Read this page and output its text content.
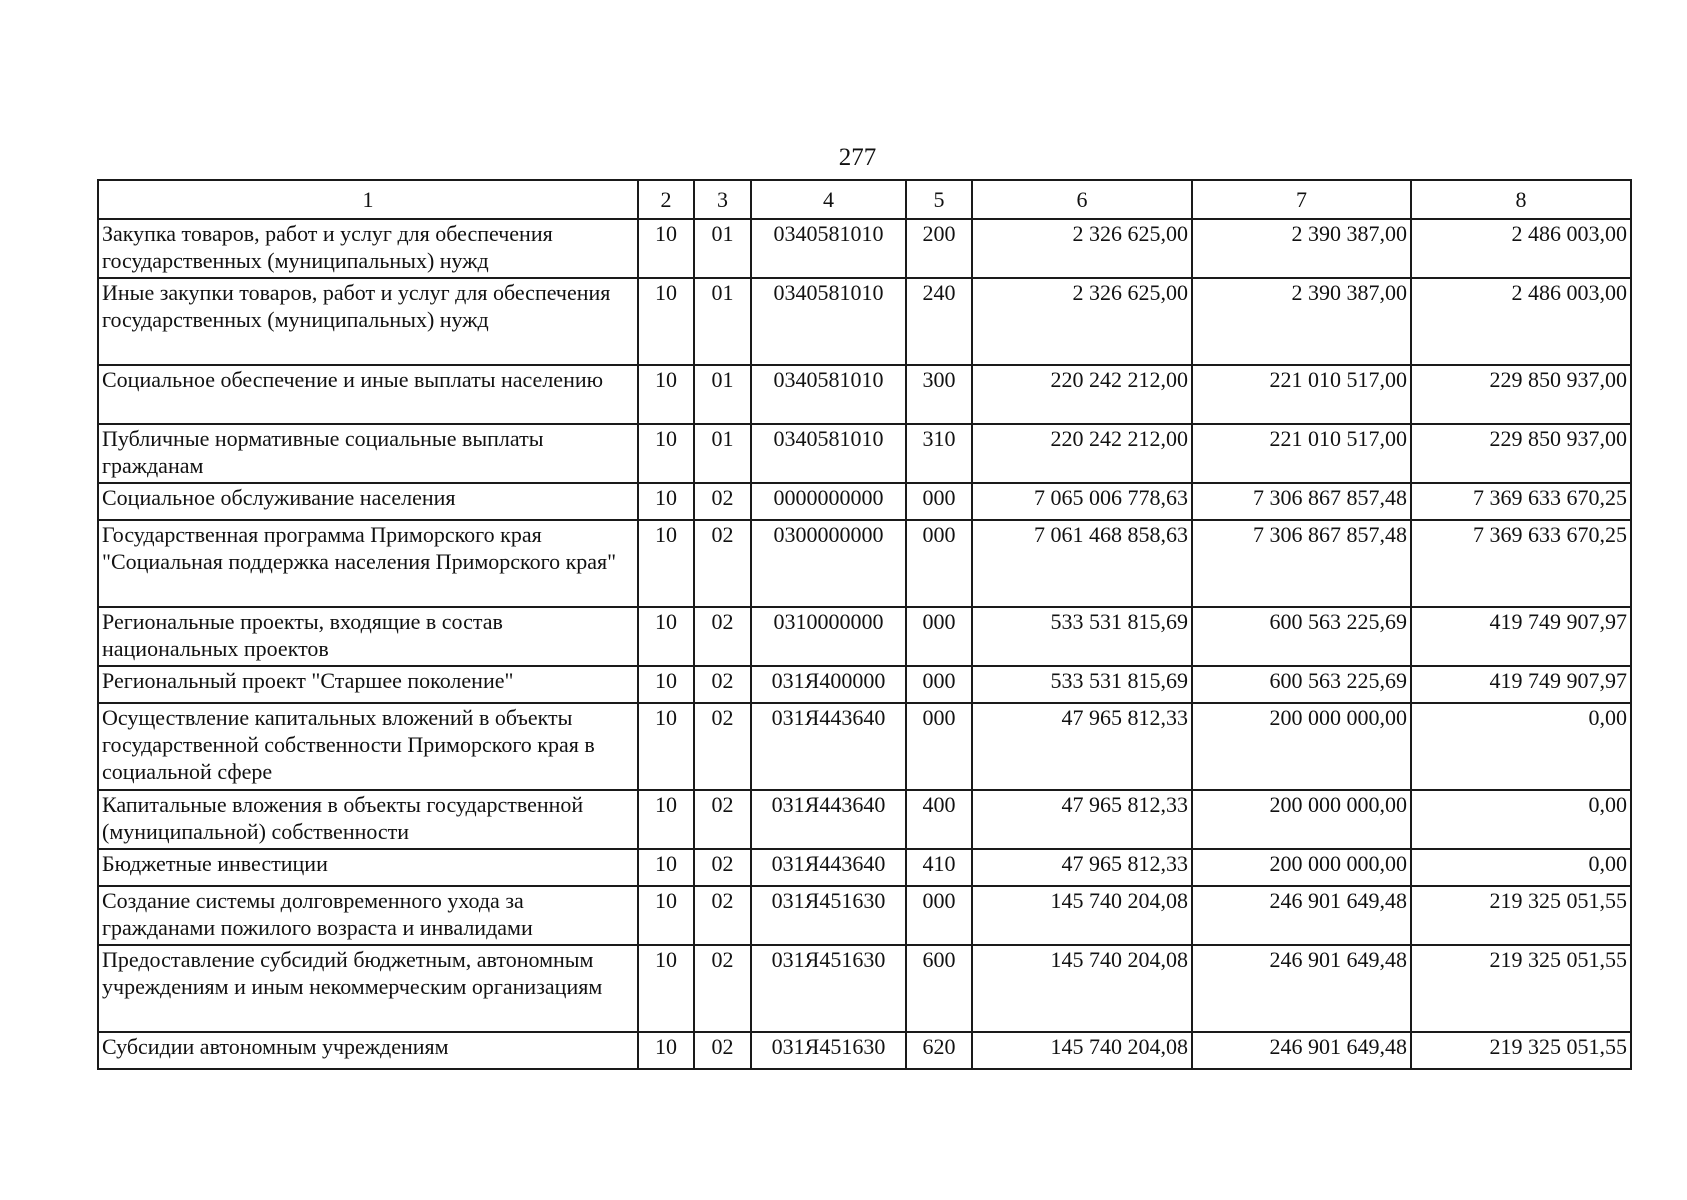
277
1	2	3	4	5	6	7	8
Закупка товаров, работ и услуг для обеспечения государственных (муниципальных) нужд	10	01	0340581010	200	2 326 625,00	2 390 387,00	2 486 003,00
Иные закупки товаров, работ и услуг для обеспечения государственных (муниципальных) нужд	10	01	0340581010	240	2 326 625,00	2 390 387,00	2 486 003,00
Социальное обеспечение и иные выплаты населению	10	01	0340581010	300	220 242 212,00	221 010 517,00	229 850 937,00
Публичные нормативные социальные выплаты гражданам	10	01	0340581010	310	220 242 212,00	221 010 517,00	229 850 937,00
Социальное обслуживание населения	10	02	0000000000	000	7 065 006 778,63	7 306 867 857,48	7 369 633 670,25
Государственная программа Приморского края "Социальная поддержка населения Приморского края"	10	02	0300000000	000	7 061 468 858,63	7 306 867 857,48	7 369 633 670,25
Региональные проекты, входящие в состав национальных проектов	10	02	0310000000	000	533 531 815,69	600 563 225,69	419 749 907,97
Региональный проект "Старшее поколение"	10	02	031Я400000	000	533 531 815,69	600 563 225,69	419 749 907,97
Осуществление капитальных вложений в объекты государственной собственности Приморского края в социальной сфере	10	02	031Я443640	000	47 965 812,33	200 000 000,00	0,00
Капитальные вложения в объекты государственной (муниципальной) собственности	10	02	031Я443640	400	47 965 812,33	200 000 000,00	0,00
Бюджетные инвестиции	10	02	031Я443640	410	47 965 812,33	200 000 000,00	0,00
Создание системы долговременного ухода за гражданами пожилого возраста и инвалидами	10	02	031Я451630	000	145 740 204,08	246 901 649,48	219 325 051,55
Предоставление субсидий бюджетным, автономным учреждениям и иным некоммерческим организациям	10	02	031Я451630	600	145 740 204,08	246 901 649,48	219 325 051,55
Субсидии автономным учреждениям	10	02	031Я451630	620	145 740 204,08	246 901 649,48	219 325 051,55
